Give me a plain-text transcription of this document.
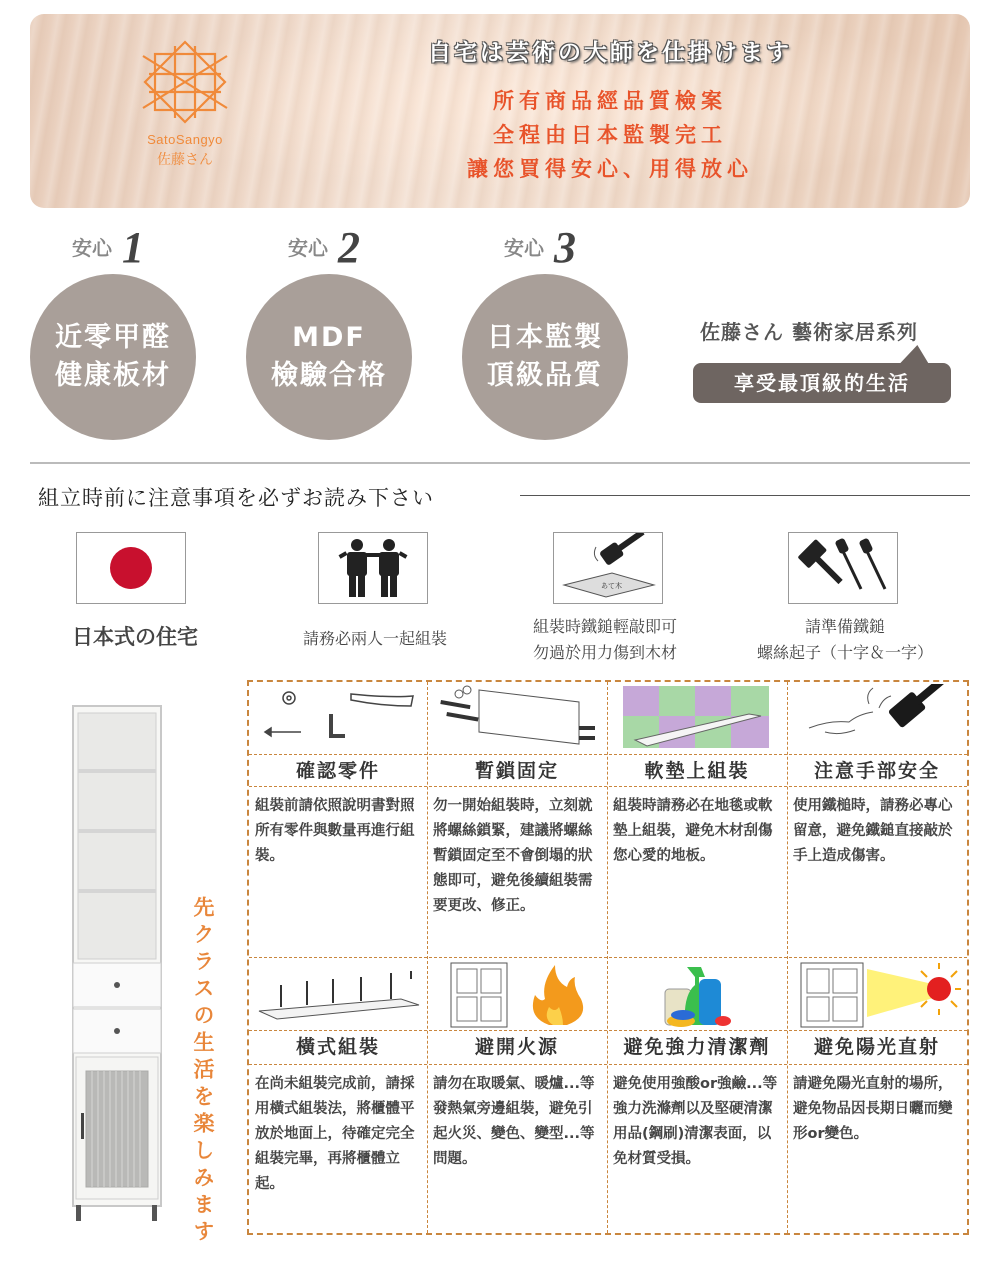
SatoSangyo
佐藤さん
自宅は芸術の大師を仕掛けます
所有商品經品質檢案
全程由日本監製完工
讓您買得安心、用得放心
安心 1
近零甲醛
健康板材
安心 2
MDF
檢驗合格
安心 3
日本監製
頂級品質
佐藤さん 藝術家居系列
享受最頂級的生活
組立時前に注意事項を必ずお読み下さい
あて木
日本式の住宅	請務必兩人一起組裝
組裝時鐵鎚輕敲即可
勿過於用力傷到木材
請準備鐵鎚
螺絲起子（十字＆一字）
先クラスの生活を楽しみます
確認零件	暫鎖固定	軟墊上組裝	注意手部安全
組裝前請依照說明書對照所有零件與數量再進行組裝。
勿一開始組裝時，立刻就將螺絲鎖緊，建議將螺絲暫鎖固定至不會倒塌的狀態即可，避免後續組裝需要更改、修正。
組裝時請務必在地毯或軟墊上組裝，避免木材刮傷您心愛的地板。
使用鐵槌時，請務必專心留意，避免鐵鎚直接敲於手上造成傷害。
橫式組裝	避開火源	避免強力清潔劑	避免陽光直射
在尚未組裝完成前，請採用橫式組裝法，將櫃體平放於地面上，待確定完全組裝完畢，再將櫃體立起。
請勿在取暖氣、暖爐...等發熱氣旁邊組裝，避免引起火災、變色、變型...等問題。
避免使用強酸or強鹼...等強力洗滌劑以及堅硬清潔用品(鋼刷)清潔表面，以免材質受損。
請避免陽光直射的場所，避免物品因長期日曬而變形or變色。
